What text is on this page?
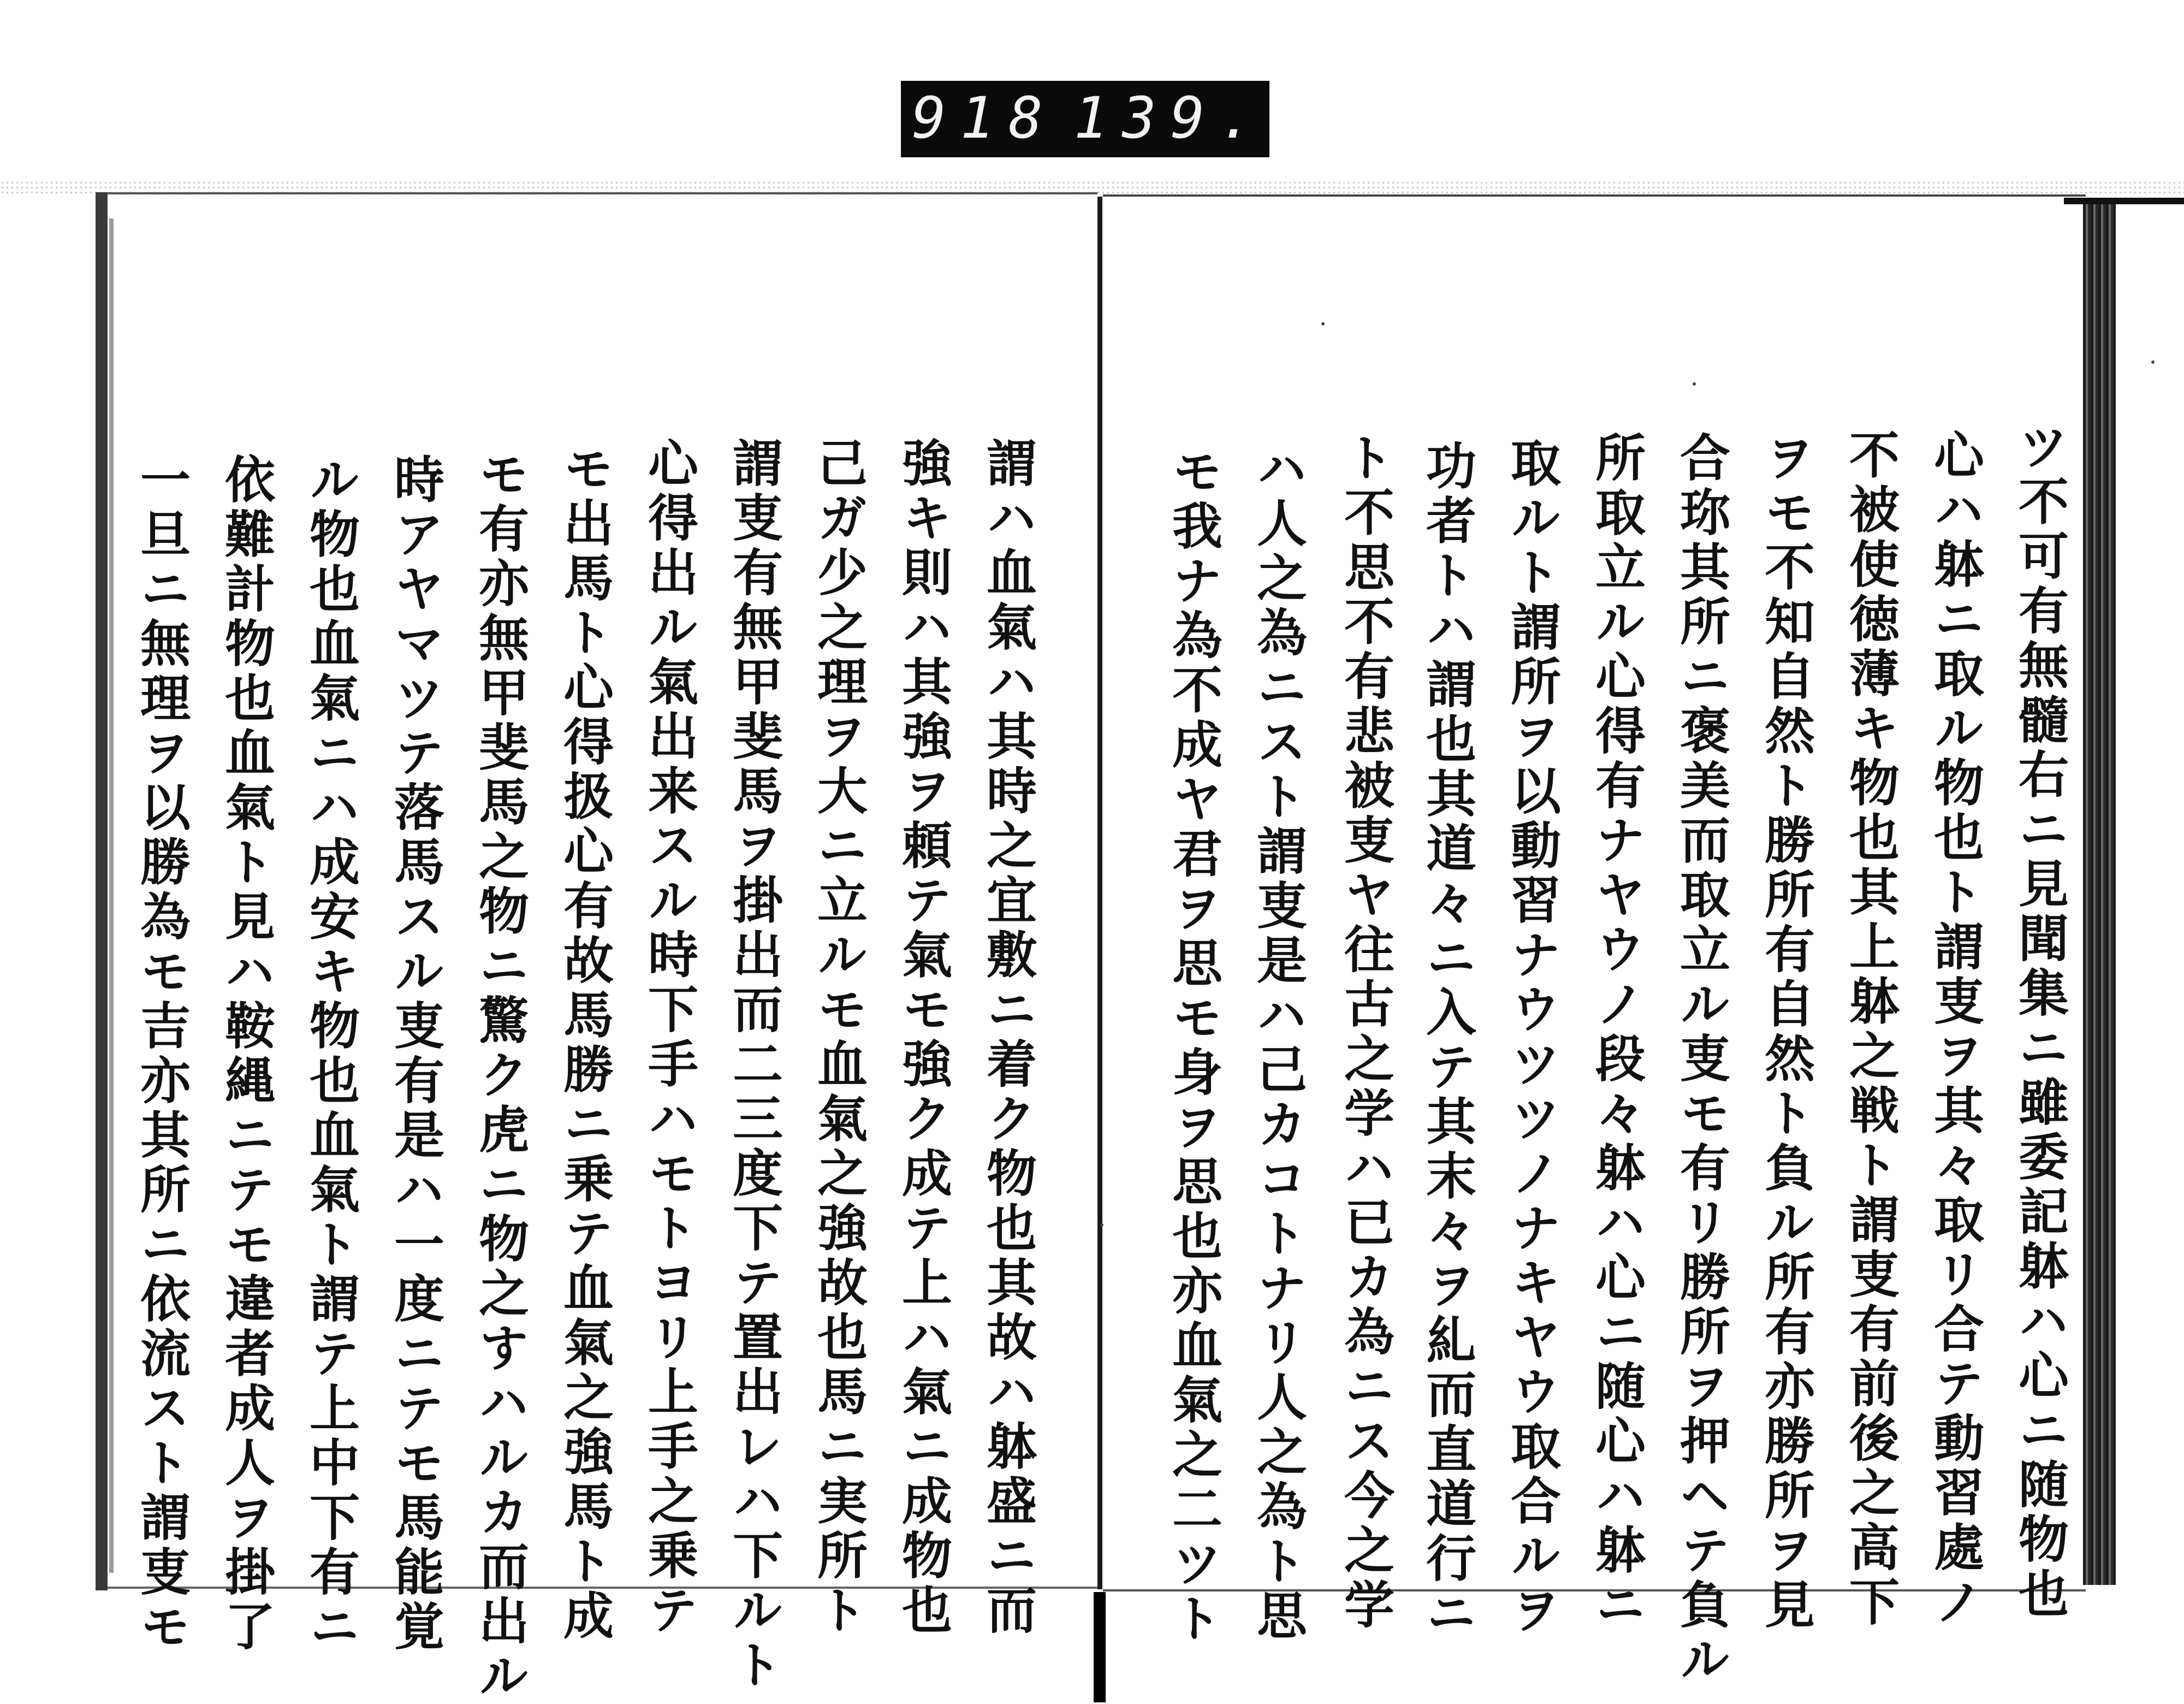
918 139.
ツ不可有無髓右ニ見聞集ニ雖委記躰ハ心ニ随物也
心ハ躰ニ取ル物也ト謂叓ヲ其々取リ合テ動習處ノ
不被使徳薄キ物也其上躰之戦ト謂叓有前後之高下
ヲモ不知自然ト勝所有自然ト負ル所有亦勝所ヲ見
合珎其所ニ褒美而取立ル叓モ有リ勝所ヲ押ヘテ負ル
所取立ル心得有ナヤウノ段々躰ハ心ニ随心ハ躰ニ
取ルト謂所ヲ以動習ナウツツノナキヤウ取合ルヲ
功者トハ謂也其道々ニ入テ其末々ヲ糺而直道行ニ
ト不思不有悲被叓ヤ往古之学ハ已カ為ニス今之学
ハ人之為ニスト謂叓是ハ己カコトナリ人之為ト思
モ我ナ為不成ヤ君ヲ思モ身ヲ思也亦血氣之二ツト
謂ハ血氣ハ其時之宜敷ニ着ク物也其故ハ躰盛ニ而
強キ則ハ其強ヲ頼テ氣モ強ク成テ上ハ氣ニ成物也
己ガ少之理ヲ大ニ立ルモ血氣之強故也馬ニ実所ト
謂叓有無甲斐馬ヲ掛出而二三度下テ置出レハ下ルト
心得出ル氣出来スル時下手ハモトヨリ上手之乗テ
モ出馬ト心得扱心有故馬勝ニ乗テ血氣之強馬ト成
モ有亦無甲斐馬之物ニ驚ク虎ニ物之すハルカ而出ル
時アヤマツテ落馬スル叓有是ハ一度ニテモ馬能覚
ル物也血氣ニハ成安キ物也血氣ト謂テ上中下有ニ
依難計物也血氣ト見ハ鞍縄ニテモ違者成人ヲ掛了
一旦ニ無理ヲ以勝為モ吉亦其所ニ依流スト謂叓モ
